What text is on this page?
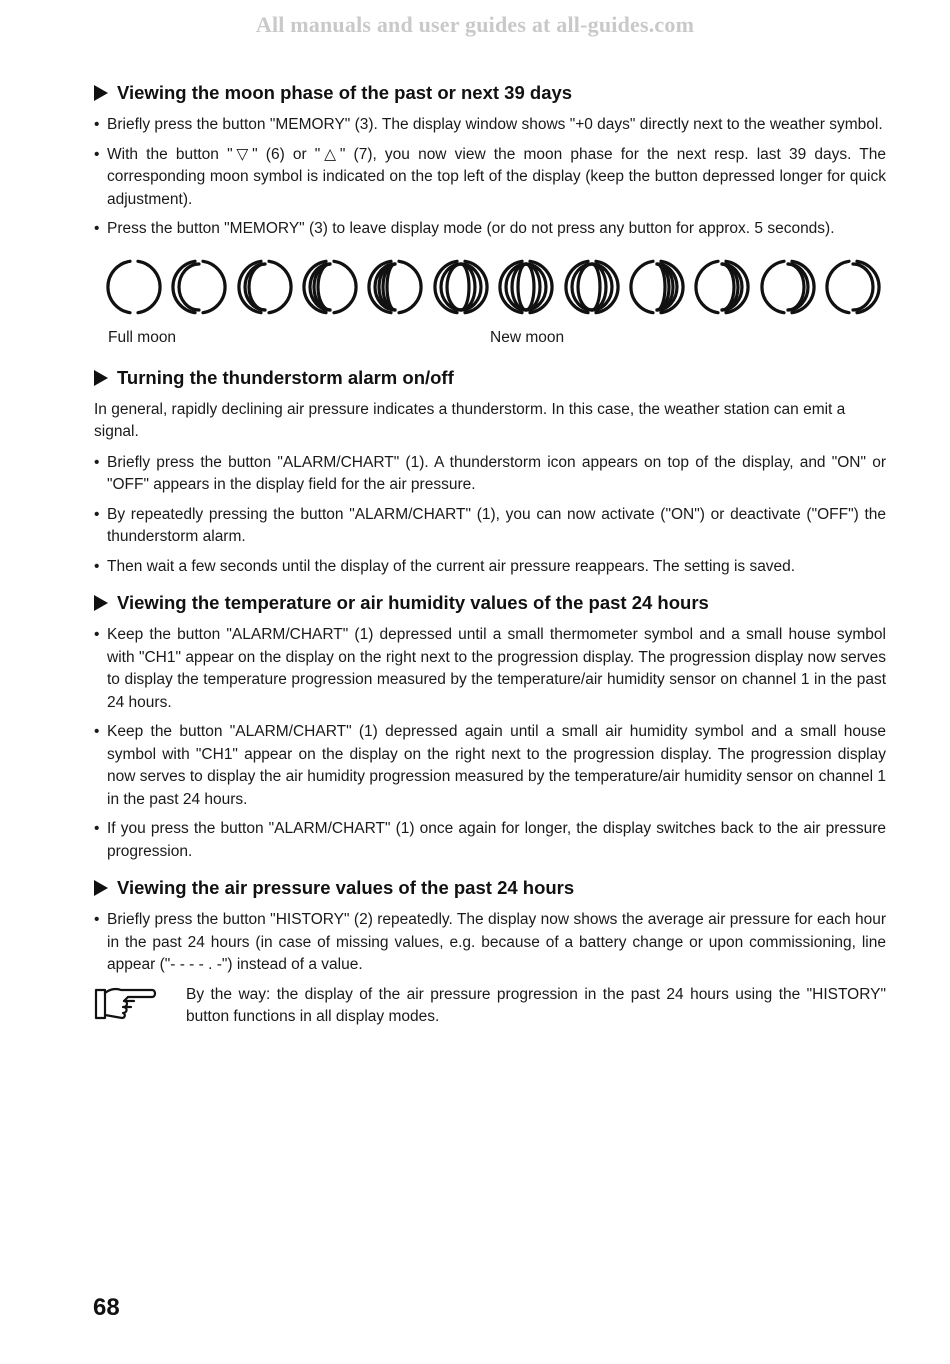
All manuals and user guides at all-guides.com
Viewing the moon phase of the past or next 39 days
• Briefly press the button "MEMORY" (3). The display window shows "+0 days" directly next to the weather symbol.
• With the button "▽" (6) or "△" (7), you now view the moon phase for the next resp. last 39 days. The corresponding moon symbol is indicated on the top left of the display (keep the button depressed longer for quick adjustment).
• Press the button "MEMORY" (3) to leave display mode (or do not press any button for approx. 5 seconds).
Full moon	New moon
Turning the thunderstorm alarm on/off

In general, rapidly declining air pressure indicates a thunderstorm. In this case, the weather station can emit a signal.

• Briefly press the button "ALARM/CHART" (1). A thunderstorm icon appears on top of the display, and "ON" or "OFF" appears in the display field for the air pressure.
• By repeatedly pressing the button "ALARM/CHART" (1), you can now activate ("ON") or deactivate ("OFF") the thunderstorm alarm.
• Then wait a few seconds until the display of the current air pressure reappears. The setting is saved.
Viewing the temperature or air humidity values of the past 24 hours
• Keep the button "ALARM/CHART" (1) depressed until a small thermometer symbol and a small house symbol with "CH1" appear on the display on the right next to the progression display. The progression display now serves to display the temperature progression measured by the temperature/air humidity sensor on channel 1 in the past 24 hours.
• Keep the button "ALARM/CHART" (1) depressed again until a small air humidity symbol and a small house symbol with "CH1" appear on the display on the right next to the progression display. The progression display now serves to display the air humidity progression measured by the temperature/air humidity sensor on channel 1 in the past 24 hours.
• If you press the button "ALARM/CHART" (1) once again for longer, the display switches back to the air pressure progression.
Viewing the air pressure values of the past 24 hours
• Briefly press the button "HISTORY" (2) repeatedly. The display now shows the average air pressure for each hour in the past 24 hours (in case of missing values, e.g. because of a battery change or upon commissioning, line appear ("- - - - . -") instead of a value.

By the way: the display of the air pressure progression in the past 24 hours using the "HISTORY" button functions in all display modes.

68
